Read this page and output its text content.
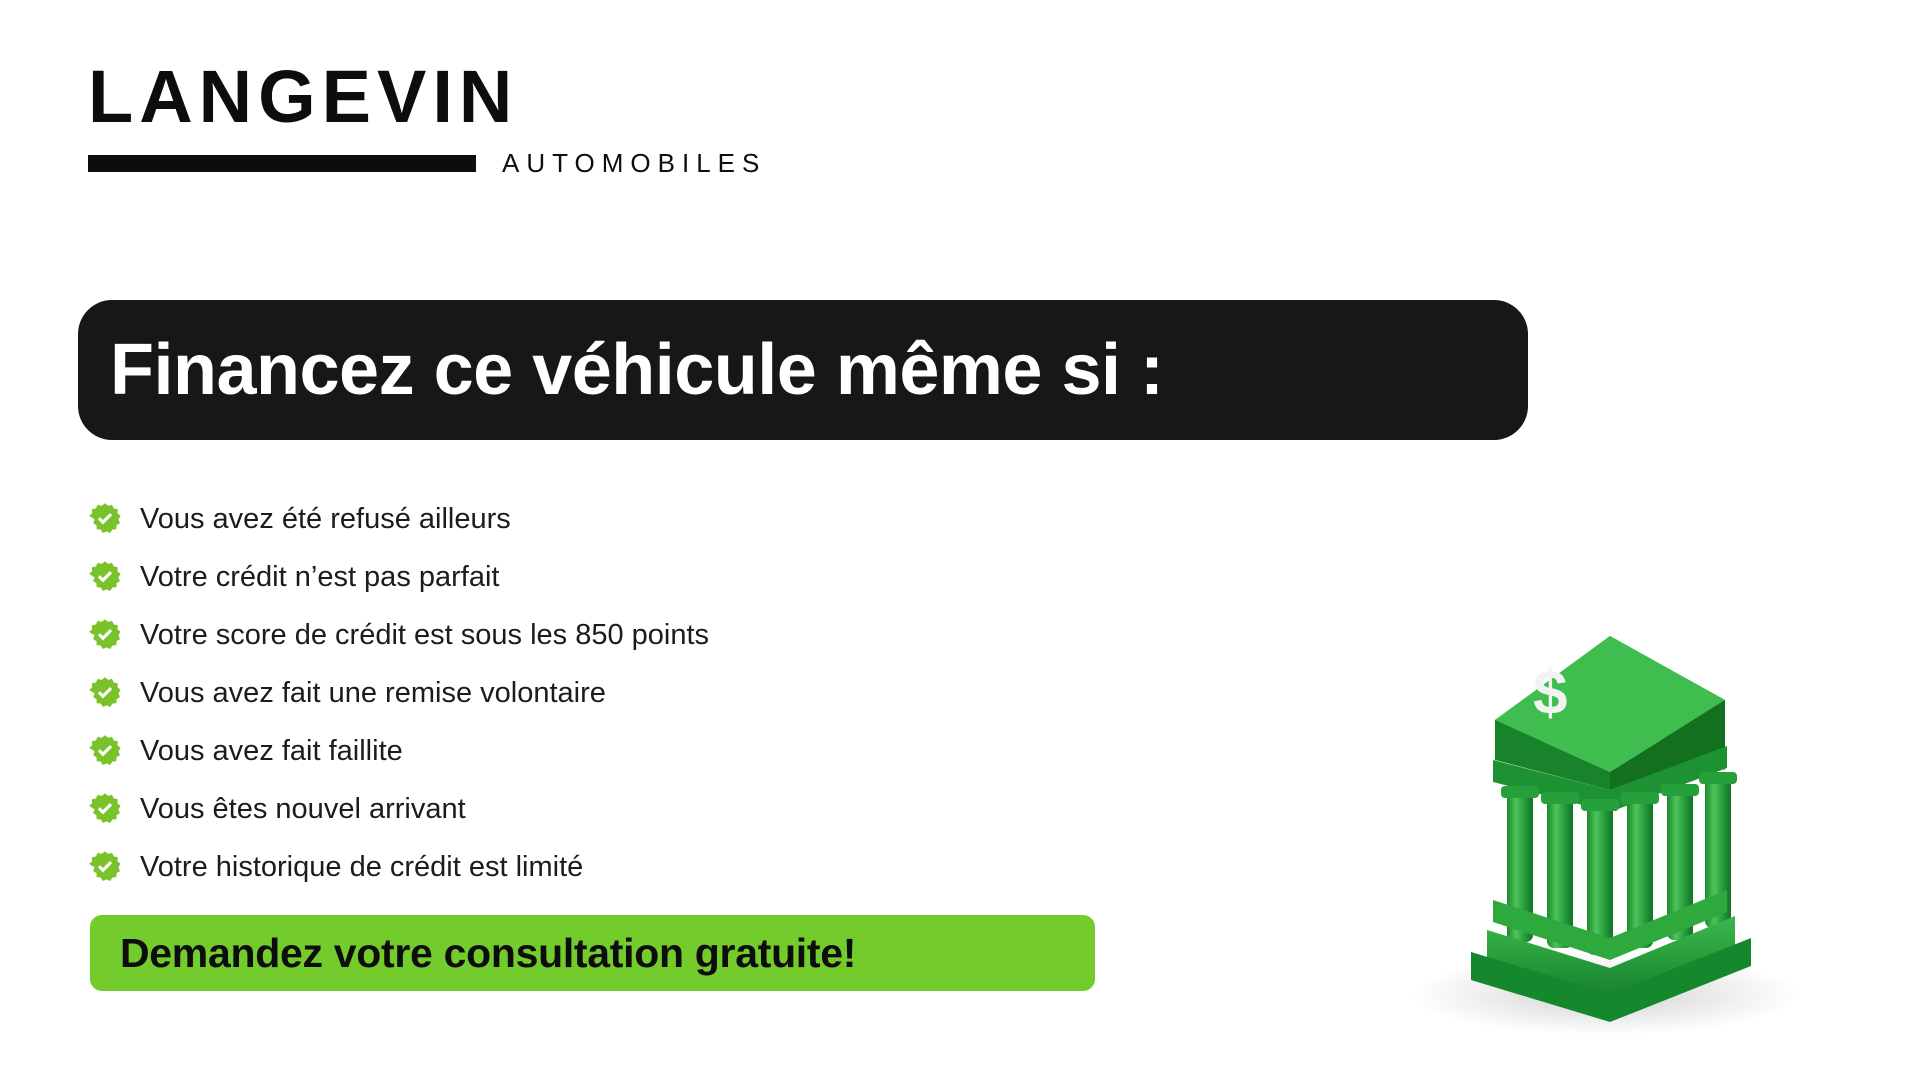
LANGEVIN
AUTOMOBILES
Financez ce véhicule même si :
Vous avez été refusé ailleurs
Votre crédit n’est pas parfait
Votre score de crédit est sous les 850 points
Vous avez fait une remise volontaire
Vous avez fait faillite
Vous êtes nouvel arrivant
Votre historique de crédit est limité
Demandez votre consultation gratuite!
$
